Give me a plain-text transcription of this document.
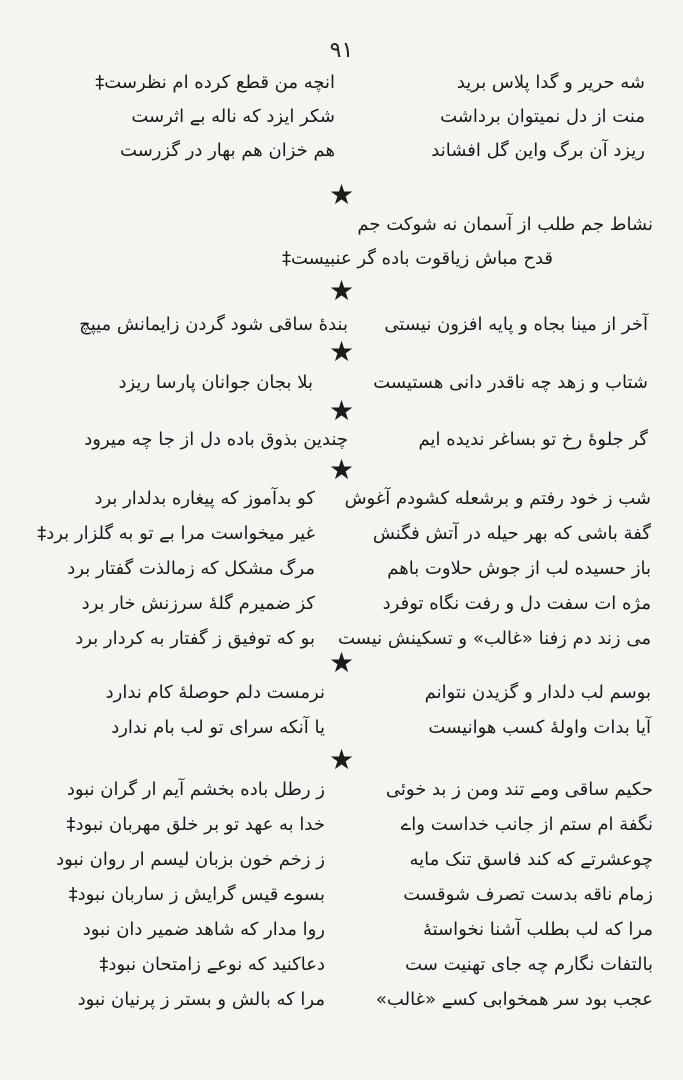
۹۱
شه حریر و گدا پلاس برید
انچه من قطع کرده ام نظرست‡
منت از دل نمیتوان برداشت
شکر ایزد که ناله بے اثرست
ریزد آن برگ واین گل افشاند
هم خزان هم بهار در گزرست
★
نشاط جم طلب از آسمان نه شوکت جم
قدح مباش زیاقوت باده گر عنبیست‡
★
آخر از مینا بجاه و پایه افزون نیستی
بندهٔ ساقی شود گردن زایمانش میپچ
★
شتاب و زهد چه ناقدر دانی هستیست
بلا بجان جوانان پارسا ریزد
★
گر جلوهٔ رخ تو بساغر ندیده ایم
چندین بذوق باده دل از جا چه میرود
★
شب ز خود رفتم و برشعله کشودم آغوش
کو بدآموز که پیغاره بدلدار برد
گفة باشی که بهر حیله در آتش فگنش
غیر میخواست مرا بے تو به گلزار برد‡
باز حسیده لب از جوش حلاوت باهم
مرگ مشکل که زمالذت گفتار برد
مژه ات سفت دل و رفت نگاه توفرد
کز ضمیرم گلهٔ سرزنش خار برد
می زند دم زفنا «غالب» و تسکینش نیست
بو که توفیق ز گفتار به کردار برد
★
بوسم لب دلدار و گزیدن نتوانم
نرمست دلم حوصلهٔ کام ندارد
آیا بدات واولهٔ کسب هوانیست
یا آنکه سرای تو لب بام ندارد
★
حکیم ساقی ومے تند ومن ز بد خوئی
ز رطل باده بخشم آیم ار گران نبود
نگفة ام ستم از جانب خداست واے
خدا به عهد تو بر خلق مهربان نبود‡
چوعشرتے که کند فاسق تنک مایه
ز زخم خون بزبان لیسم ار روان نبود
زمام ناقه بدست تصرف شوقست
بسوے قیس گرایش ز ساربان نبود‡
مرا که لب بطلب آشنا نخواستهٔ
روا مدار که شاهد ضمیر دان نبود
بالتفات نگارم چه جای تهنیت ست
دعاکنید که نوعے زامتحان نبود‡
عجب بود سر همخوابی کسے «غالب»
مرا که بالش و بستر ز پرنیان نبود
